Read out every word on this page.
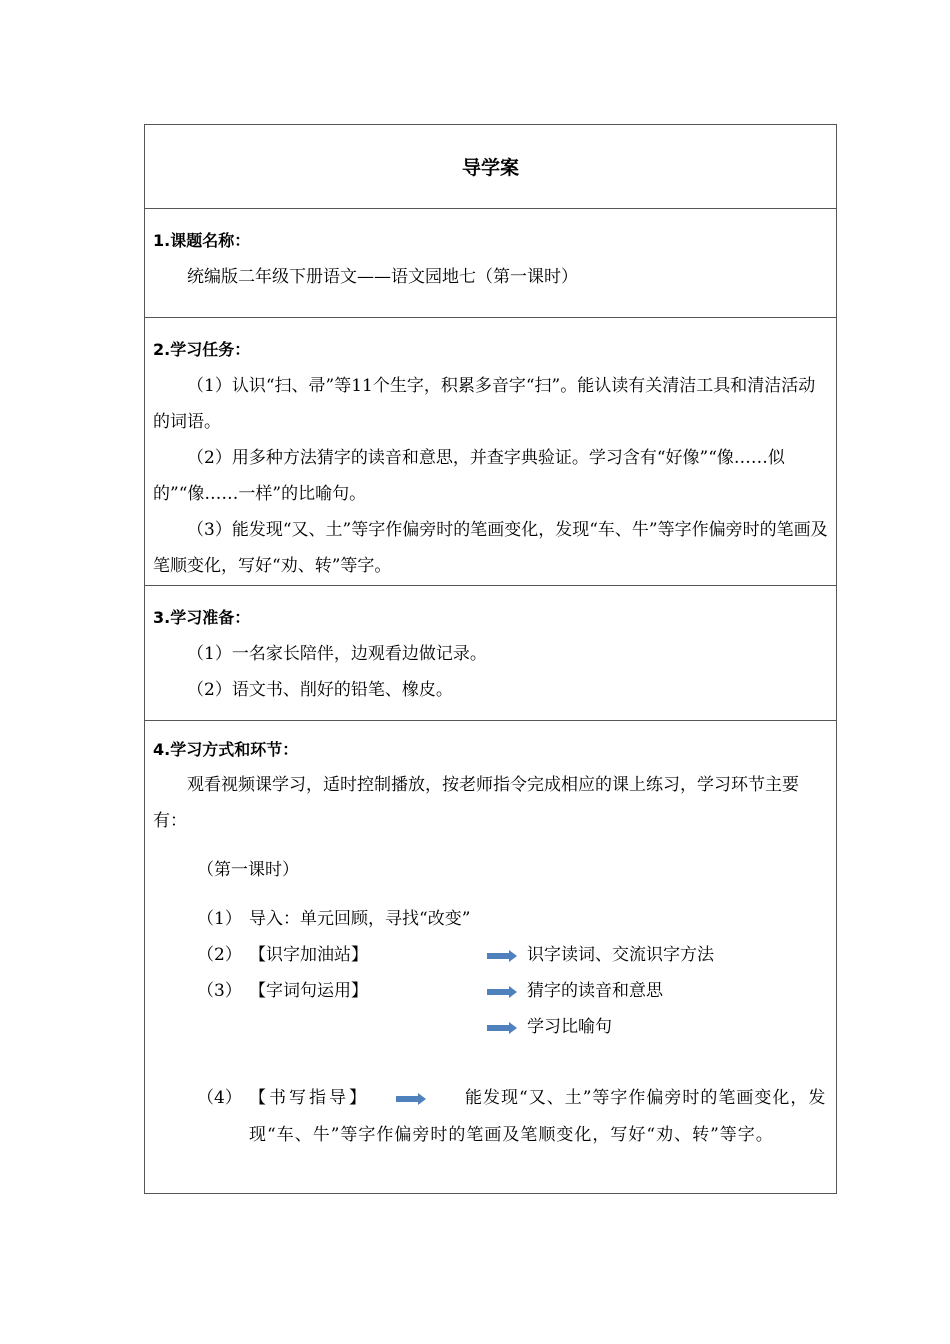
导学案

1.课题名称：

统编版二年级下册语文——语文园地七（第一课时）

2.学习任务：

（1）认识“扫、帚”等11个生字，积累多音字“扫”。能认读有关清洁工具和清洁活动的词语。

（2）用多种方法猜字的读音和意思，并查字典验证。学习含有“好像”“像……似的”“像……一样”的比喻句。

（3）能发现“又、土”等字作偏旁时的笔画变化，发现“车、牛”等字作偏旁时的笔画及笔顺变化，写好“劝、转”等字。

3.学习准备：

（1）一名家长陪伴，边观看边做记录。

（2）语文书、削好的铅笔、橡皮。

4.学习方式和环节：
观看视频课学习，适时控制播放，按老师指令完成相应的课上练习，学习环节主要有：
（第一课时）
（1） 导入：单元回顾，寻找“改变”
（2） 【识字加油站】	识字读词、交流识字方法
（3） 【字词句运用】	猜字的读音和意思
学习比喻句
（4） 【书写指导】	能发现“又、土”等字作偏旁时的笔画变化，发现“车、牛”等字作偏旁时的笔画及笔顺变化，写好“劝、转”等字。
